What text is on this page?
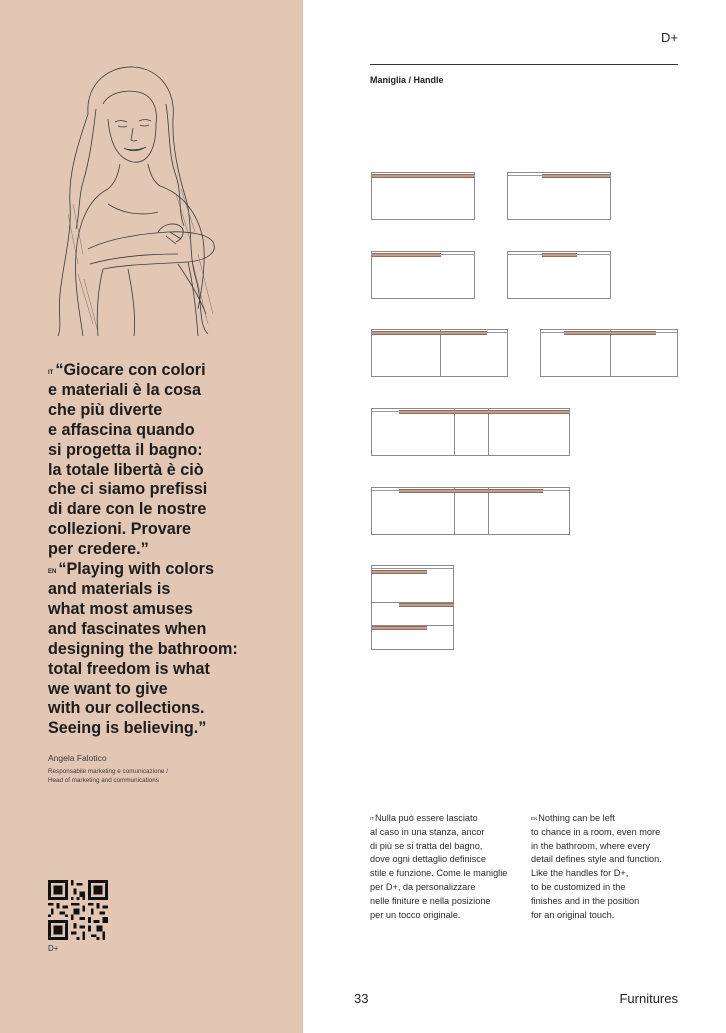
$^{IT}$ “Giocare con colori
e materiali è la cosa
che più diverte
e affascina quando
si progetta il bagno:
la totale libertà è ciò
che ci siamo prefissi
di dare con le nostre
collezioni. Provare
per credere.”
$^{EN}$ “Playing with colors
and materials is
what most amuses
and fascinates when
designing the bathroom:
total freedom is what
we want to give
with our collections.
Seeing is believing.”
Angela Falotico
Responsabile marketing e comunicazione /
Head of marketing and communications
D+
D+
Maniglia / Handle
$^{IT}$Nulla può essere lasciato
al caso in una stanza, ancor
di più se si tratta del bagno,
dove ogni dettaglio definisce
stile e funzione. Come le maniglie
per D+, da personalizzare
nelle finiture e nella posizione
per un tocco originale.
$^{EN}$Nothing can be left
to chance in a room, even more
in the bathroom, where every
detail defines style and function.
Like the handles for D+,
to be customized in the
finishes and in the position
for an original touch.
33	Furnitures
